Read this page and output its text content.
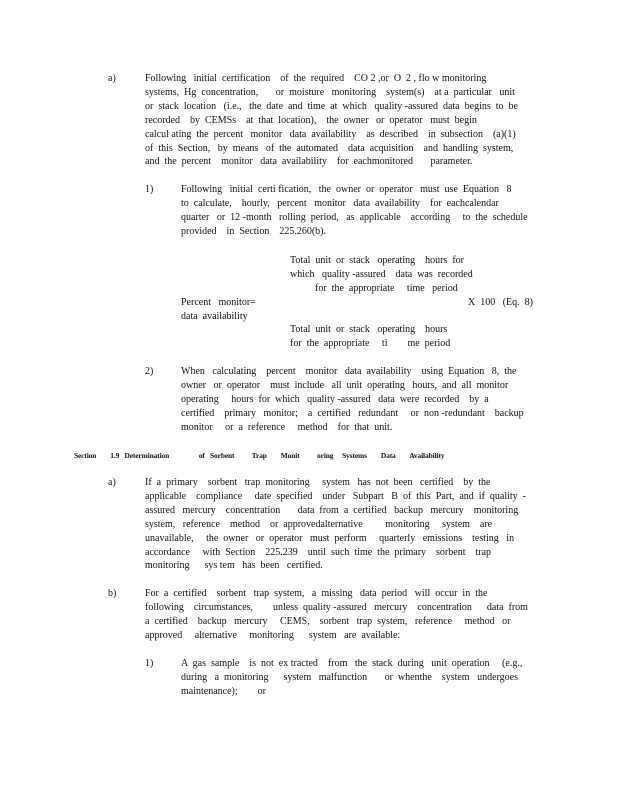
a)	Following   initial  certification    of  the  required    CO 2 ,or  O  2 , flo w monitoring
systems,  Hg  concentration,       or  moisture   monitoring    system(s)    at a  particular   unit
or  stack  location   (i.e.,   the  date  and  time  at  which   quality -assured  data  begins  to  be
recorded    by  CEMSs    at  that  location),    the  owner   or  operator   must  begin
calcul ating  the  percent   monitor   data  availability    as  described    in  subsection    (a)(1)
of  this  Section,   by  means   of  the  automated    data  acquisition    and  handling  system,
and  the  percent    monitor   data  availability    for  eachmonitored       parameter.
1)	Following   initial  certi fication,   the  owner  or  operator   must  use  Equation   8
to  calculate,    hourly,   percent   monitor   data  availability    for  eachcalendar
quarter   or  12 -month   rolling  period,   as  applicable    according     to  the  schedule
provided    in  Section    225.260(b).
Total  unit  or  stack   operating    hours  for
which   quality -assured    data  was  recorded
for  the  appropriate     time   period
Percent   monitor=
data  availability
X  100   (Eq.  8)
Total  unit  or  stack   operating    hours
for  the  appropriate     ti        me  period
2)	When   calculating    percent    monitor   data  availability    using  Equation   8,  the
owner   or  operator    must  include   all  unit  operating   hours,  and  all  monitor
operating     hours  for  which   quality -assured   data  were  recorded    by  a
certified    primary   monitor;    a  certified   redundant     or  non -redundant    backup
monitor     or  a  reference     method    for  that  unit.
Section        1.9   Determination                 of   Sorbent          Trap        Monit          oring     Systems        Data        Availability
a)	If  a  primary    sorbent   trap  monitoring     system   has  not  been   certified    by  the
applicable    compliance     date  specified    under   Subpart   B  of  this  Part,  and  if  quality  -
assured   mercury    concentration       data  from  a  certified   backup   mercury    monitoring
system,   reference    method    or  approvedalternative         monitoring     system    are
unavailable,     the  owner   or  operator   must  perform     quarterly   emissions    testing   in
accordance     with  Section    225.239    until  such  time  the  primary    sorbent    trap
monitoring      sys tem   has  been   certified.
b)	For  a  certified    sorbent   trap  system,   a  missing   data  period   will  occur  in  the
following    circumstances,        unless  quality -assured   mercury    concentration      data  from
a  certified    backup   mercury     CEMS,    sorbent   trap  system,   reference     method   or
approved     alternative     monitoring      system   are  available:
1)	A  gas  sample    is  not  ex tracted    from   the  stack  during   unit  operation     (e.g.,
during   a  monitoring      system   malfunction       or  whenthe    system   undergoes
maintenance);        or
